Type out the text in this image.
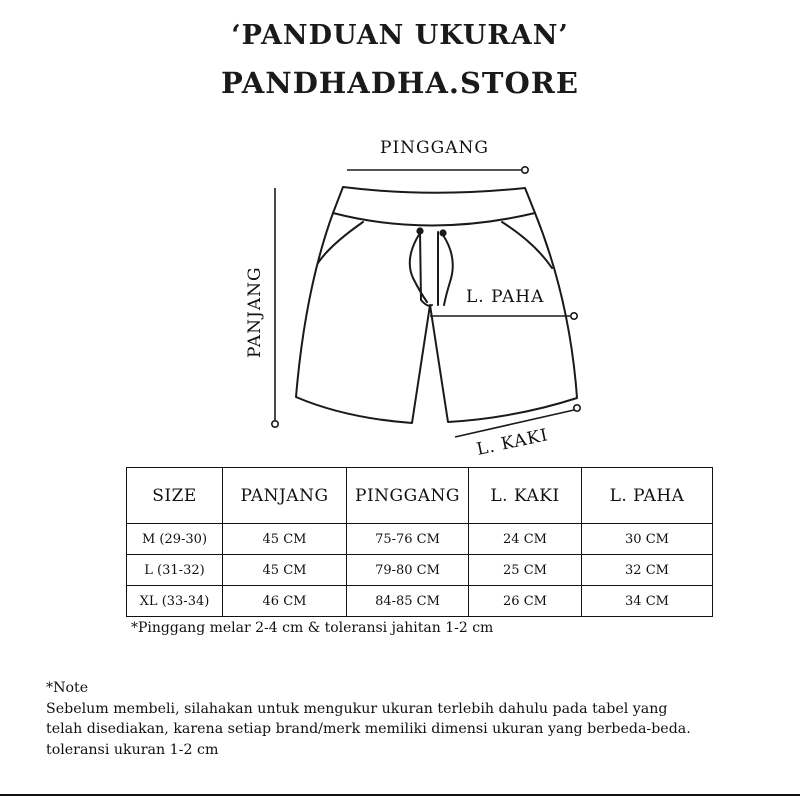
‘PANDUAN UKURAN’
PANDHADHA.STORE
PINGGANG
PANJANG	L. PAHA
L. KAKI
SIZE	PANJANG	PINGGANG	L. KAKI	L. PAHA
M (29-30)	45 CM	75-76 CM	24 CM	30 CM
L (31-32)	45 CM	79-80 CM	25 CM	32 CM
XL (33-34)	46 CM	84-85 CM	26 CM	34 CM
*Pinggang melar 2-4 cm & toleransi jahitan 1-2 cm
*Note
Sebelum membeli, silahakan untuk mengukur ukuran terlebih dahulu pada tabel yang
telah disediakan, karena setiap brand/merk memiliki dimensi ukuran yang berbeda-beda.
toleransi ukuran 1-2 cm
